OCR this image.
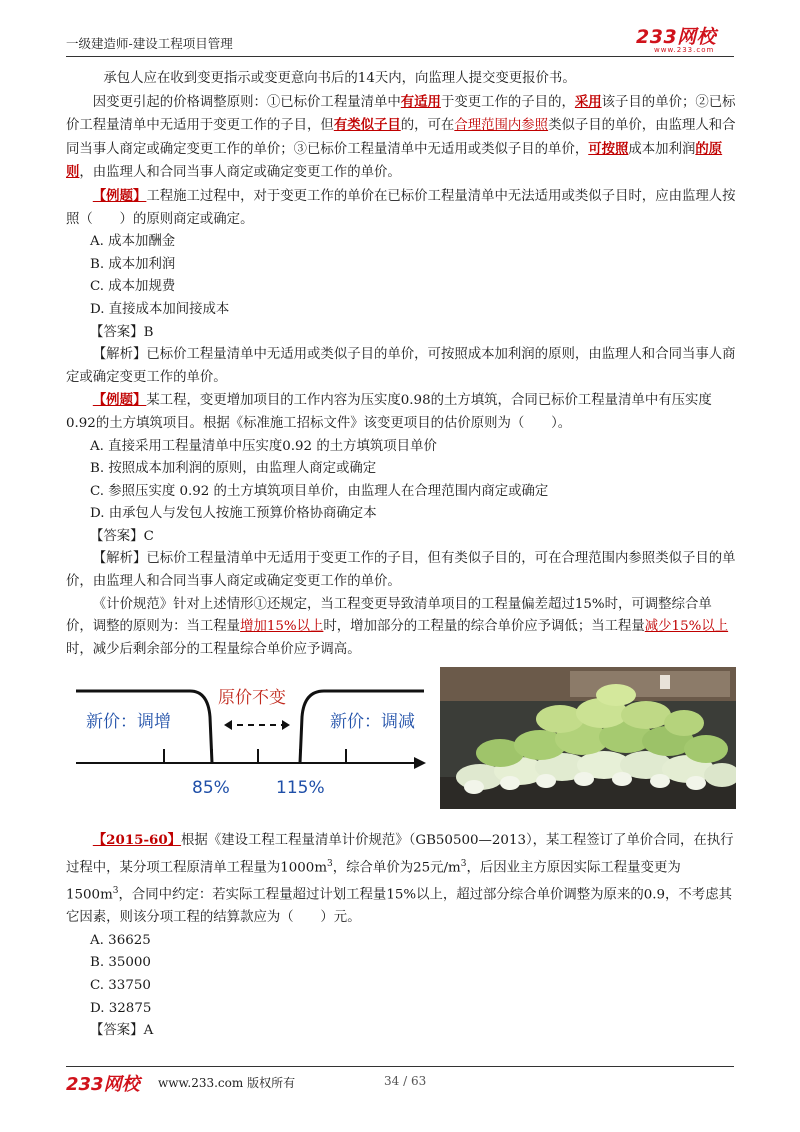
一级建造师-建设工程项目管理	233网校
www.233.com

承包人应在收到变更指示或变更意向书后的14天内，向监理人提交变更报价书。

因变更引起的价格调整原则：①已标价工程量清单中有适用于变更工作的子目的，采用该子目的单价；②已标价工程量清单中无适用于变更工作的子目，但有类似子目的，可在合理范围内参照类似子目的单价，由监理人和合同当事人商定或确定变更工作的单价；③已标价工程量清单中无适用或类似子目的单价，可按照成本加利润的原则，由监理人和合同当事人商定或确定变更工作的单价。

【例题】工程施工过程中，对于变更工作的单价在已标价工程量清单中无法适用或类似子目时，应由监理人按照（　　）的原则商定或确定。

A. 成本加酬金

B. 成本加利润

C. 成本加规费

D. 直接成本加间接成本

【答案】B

【解析】已标价工程量清单中无适用或类似子目的单价，可按照成本加利润的原则，由监理人和合同当事人商定或确定变更工作的单价。

【例题】某工程，变更增加项目的工作内容为压实度0.98的土方填筑，合同已标价工程量清单中有压实度0.92的土方填筑项目。根据《标准施工招标文件》该变更项目的估价原则为（　　）。

A. 直接采用工程量清单中压实度0.92 的土方填筑项目单价

B. 按照成本加利润的原则，由监理人商定或确定

C. 参照压实度 0.92 的土方填筑项目单价，由监理人在合理范围内商定或确定

D. 由承包人与发包人按施工预算价格协商确定本

【答案】C

【解析】已标价工程量清单中无适用于变更工作的子目，但有类似子目的，可在合理范围内参照类似子目的单价，由监理人和合同当事人商定或确定变更工作的单价。

《计价规范》针对上述情形①还规定，当工程变更导致清单项目的工程量偏差超过15%时，可调整综合单价，调整的原则为：当工程量增加15%以上时，增加部分的工程量的综合单价应予调低；当工程量减少15%以上时，减少后剩余部分的工程量综合单价应予调高。

新价：调增
原价不变
新价：调减
85%	115%

【2015-60】根据《建设工程工程量清单计价规范》（GB50500—2013），某工程签订了单价合同，在执行过程中，某分项工程原清单工程量为$1000m^3$，综合单价为25元$/m^3$，后因业主方原因实际工程量变更为$1500m^3$，合同中约定：若实际工程量超过计划工程量15%以上，超过部分综合单价调整为原来的0.9，不考虑其它因素，则该分项工程的结算款应为（　　）元。

A. 36625

B. 35000

C. 33750

D. 32875

【答案】A

233网校 www.233.com 版权所有	34 / 63
